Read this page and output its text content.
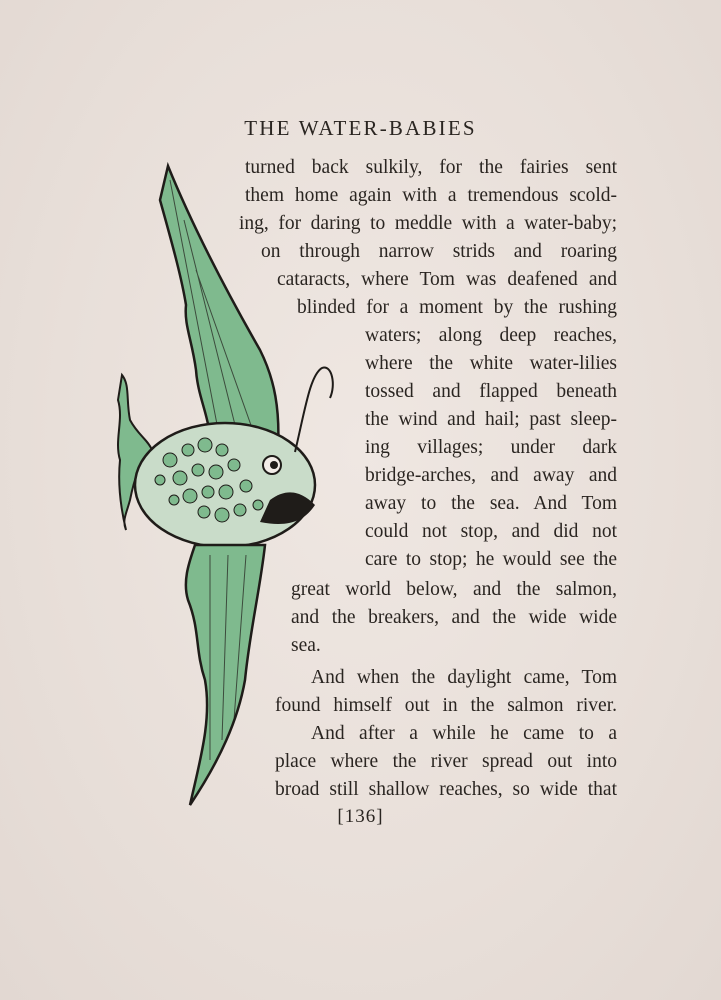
THE WATER-BABIES
turned back sulkily, for the fairies sent
them home again with a tremendous scold-
ing, for daring to meddle with a water-baby;
on through narrow strids and roaring
cataracts, where Tom was deafened and
blinded for a moment by the rushing
waters; along deep reaches,
where the white water-lilies
tossed and flapped beneath
the wind and hail; past sleep-
ing villages; under dark
bridge-arches, and away and
away to the sea. And Tom
could not stop, and did not
care to stop; he would see the
great world below, and the salmon,
and the breakers, and the wide wide
sea.
And when the daylight came, Tom
found himself out in the salmon river.
And after a while he came to a
place where the river spread out into
broad still shallow reaches, so wide that
[136]
